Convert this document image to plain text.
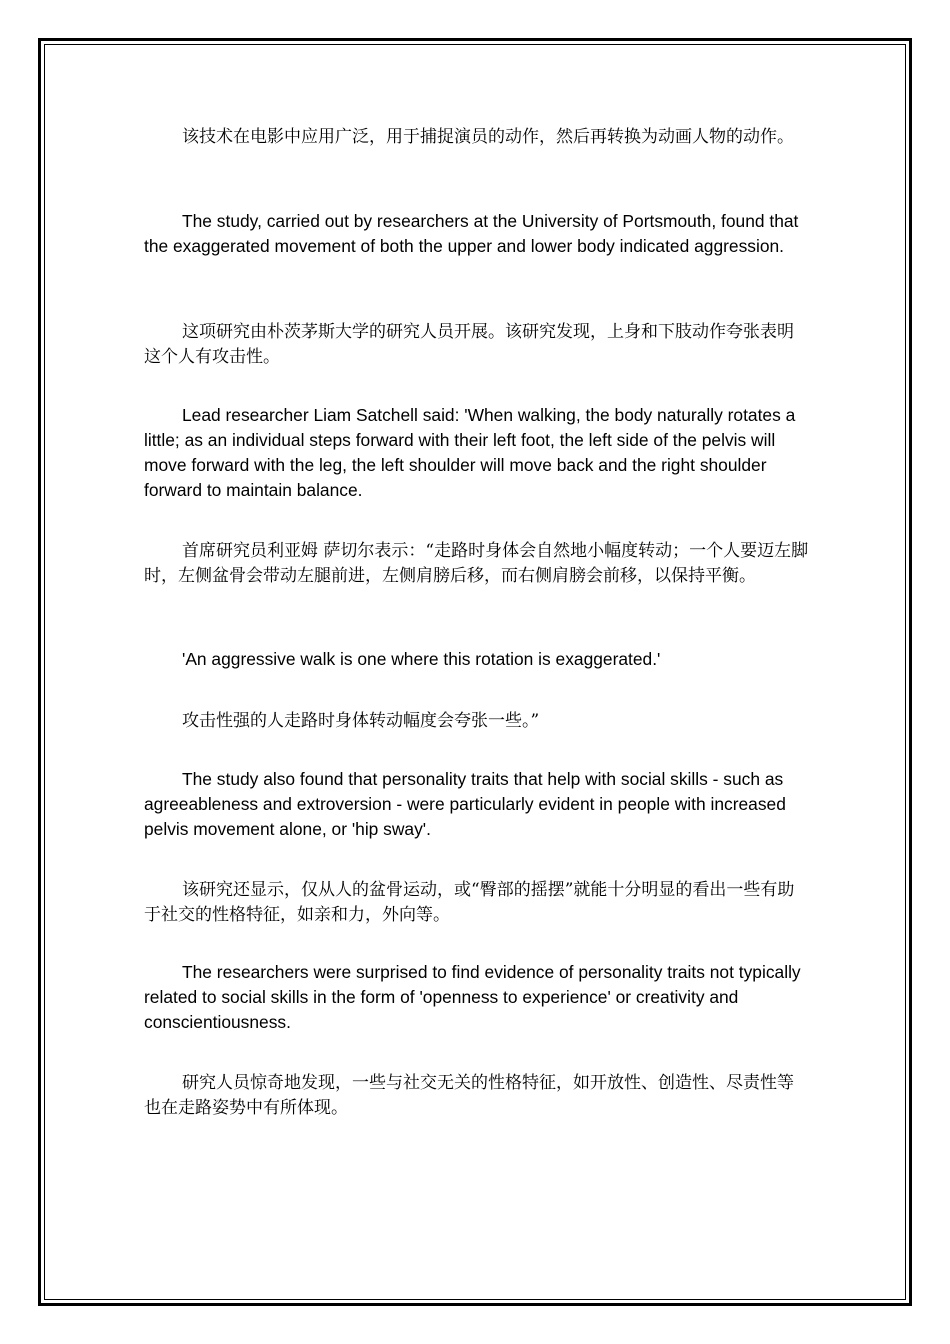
该技术在电影中应用广泛，用于捕捉演员的动作，然后再转换为动画人物的动作。

The study, carried out by researchers at the University of Portsmouth, found that the exaggerated movement of both the upper and lower body indicated aggression.

这项研究由朴茨茅斯大学的研究人员开展。该研究发现，上身和下肢动作夸张表明这个人有攻击性。

Lead researcher Liam Satchell said: 'When walking, the body naturally rotates a little; as an individual steps forward with their left foot, the left side of the pelvis will move forward with the leg, the left shoulder will move back and the right shoulder forward to maintain balance.

首席研究员利亚姆 萨切尔表示：“走路时身体会自然地小幅度转动；一个人要迈左脚时，左侧盆骨会带动左腿前进，左侧肩膀后移，而右侧肩膀会前移，以保持平衡。

'An aggressive walk is one where this rotation is exaggerated.'

攻击性强的人走路时身体转动幅度会夸张一些。”

The study also found that personality traits that help with social skills - such as agreeableness and extroversion - were particularly evident in people with increased pelvis movement alone, or 'hip sway'.

该研究还显示，仅从人的盆骨运动，或“臀部的摇摆”就能十分明显的看出一些有助于社交的性格特征，如亲和力，外向等。

The researchers were surprised to find evidence of personality traits not typically related to social skills in the form of 'openness to experience' or creativity and conscientiousness.

研究人员惊奇地发现，一些与社交无关的性格特征，如开放性、创造性、尽责性等也在走路姿势中有所体现。
